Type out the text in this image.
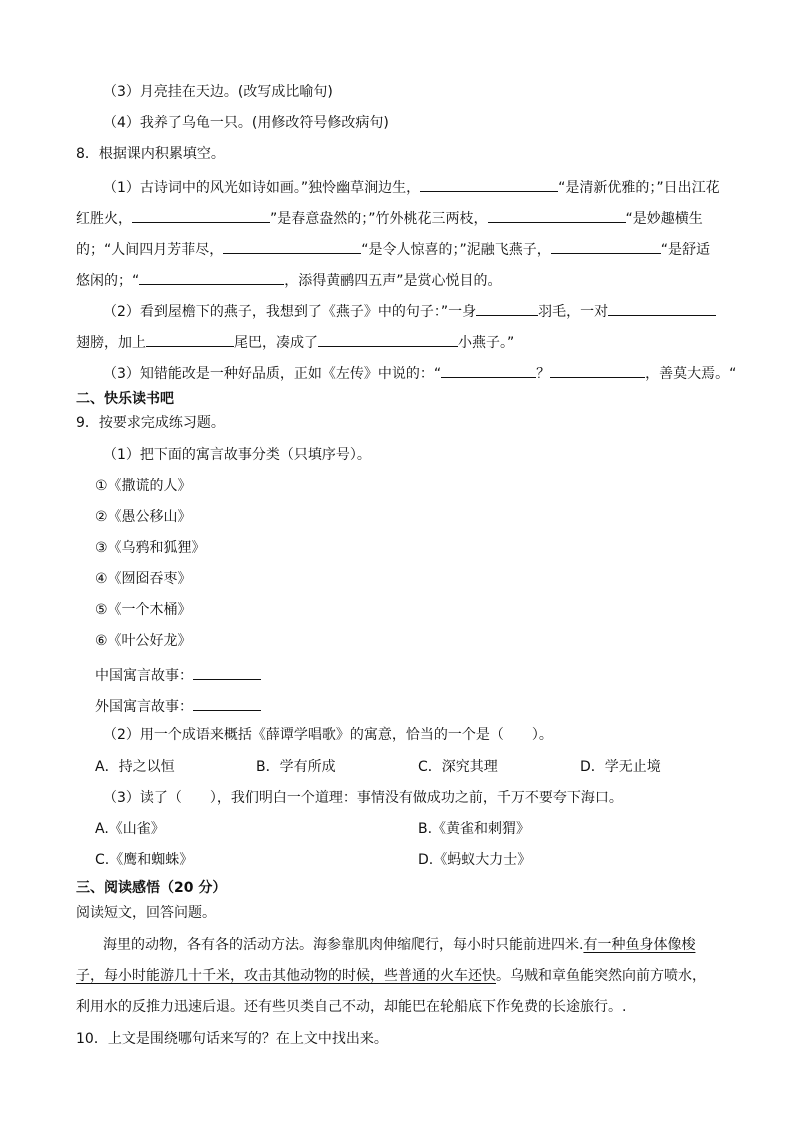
（3）月亮挂在天边。(改写成比喻句)
（4）我养了乌龟一只。(用修改符号修改病句)
8．根据课内积累填空。
（1）古诗词中的风光如诗如画。”独怜幽草涧边生，	“是清新优雅的；”日出江花
红胜火，	”是春意盎然的；”竹外桃花三两枝，	“是妙趣横生
的；“人间四月芳菲尽，	“是令人惊喜的；”泥融飞燕子，	“是舒适
悠闲的；“	，添得黄鹂四五声”是赏心悦目的。
（2）看到屋檐下的燕子，我想到了《燕子》中的句子：”一身	羽毛，一对
翅膀，加上	尾巴，凑成了	小燕子。”
（3）知错能改是一种好品质，正如《左传》中说的：“	？	，善莫大焉。“
二、快乐读书吧
9．按要求完成练习题。
（1）把下面的寓言故事分类（只填序号）。
①《撒谎的人》
②《愚公移山》
③《乌鸦和狐狸》
④《囫囵吞枣》
⑤《一个木桶》
⑥《叶公好龙》
中国寓言故事：
外国寓言故事：
（2）用一个成语来概括《薛谭学唱歌》的寓意，恰当的一个是（　　）。
A．持之以恒	B．学有所成	C．深究其理	D．学无止境
（3）读了（　　），我们明白一个道理：事情没有做成功之前，千万不要夸下海口。
A.《山雀》	B.《黄雀和刺猬》
C.《鹰和蜘蛛》	D.《蚂蚁大力士》
三、阅读感悟（20 分）
阅读短文，回答问题。
海里的动物，各有各的活动方法。海参靠肌肉伸缩爬行，每小时只能前进四米.有一种鱼身体像梭
子，每小时能游几十千米，攻击其他动物的时候，些普通的火车还快。乌贼和章鱼能突然向前方喷水，
利用水的反推力迅速后退。还有些贝类自己不动，却能巴在轮船底下作免费的长途旅行。.
10．上文是围绕哪句话来写的？在上文中找出来。
